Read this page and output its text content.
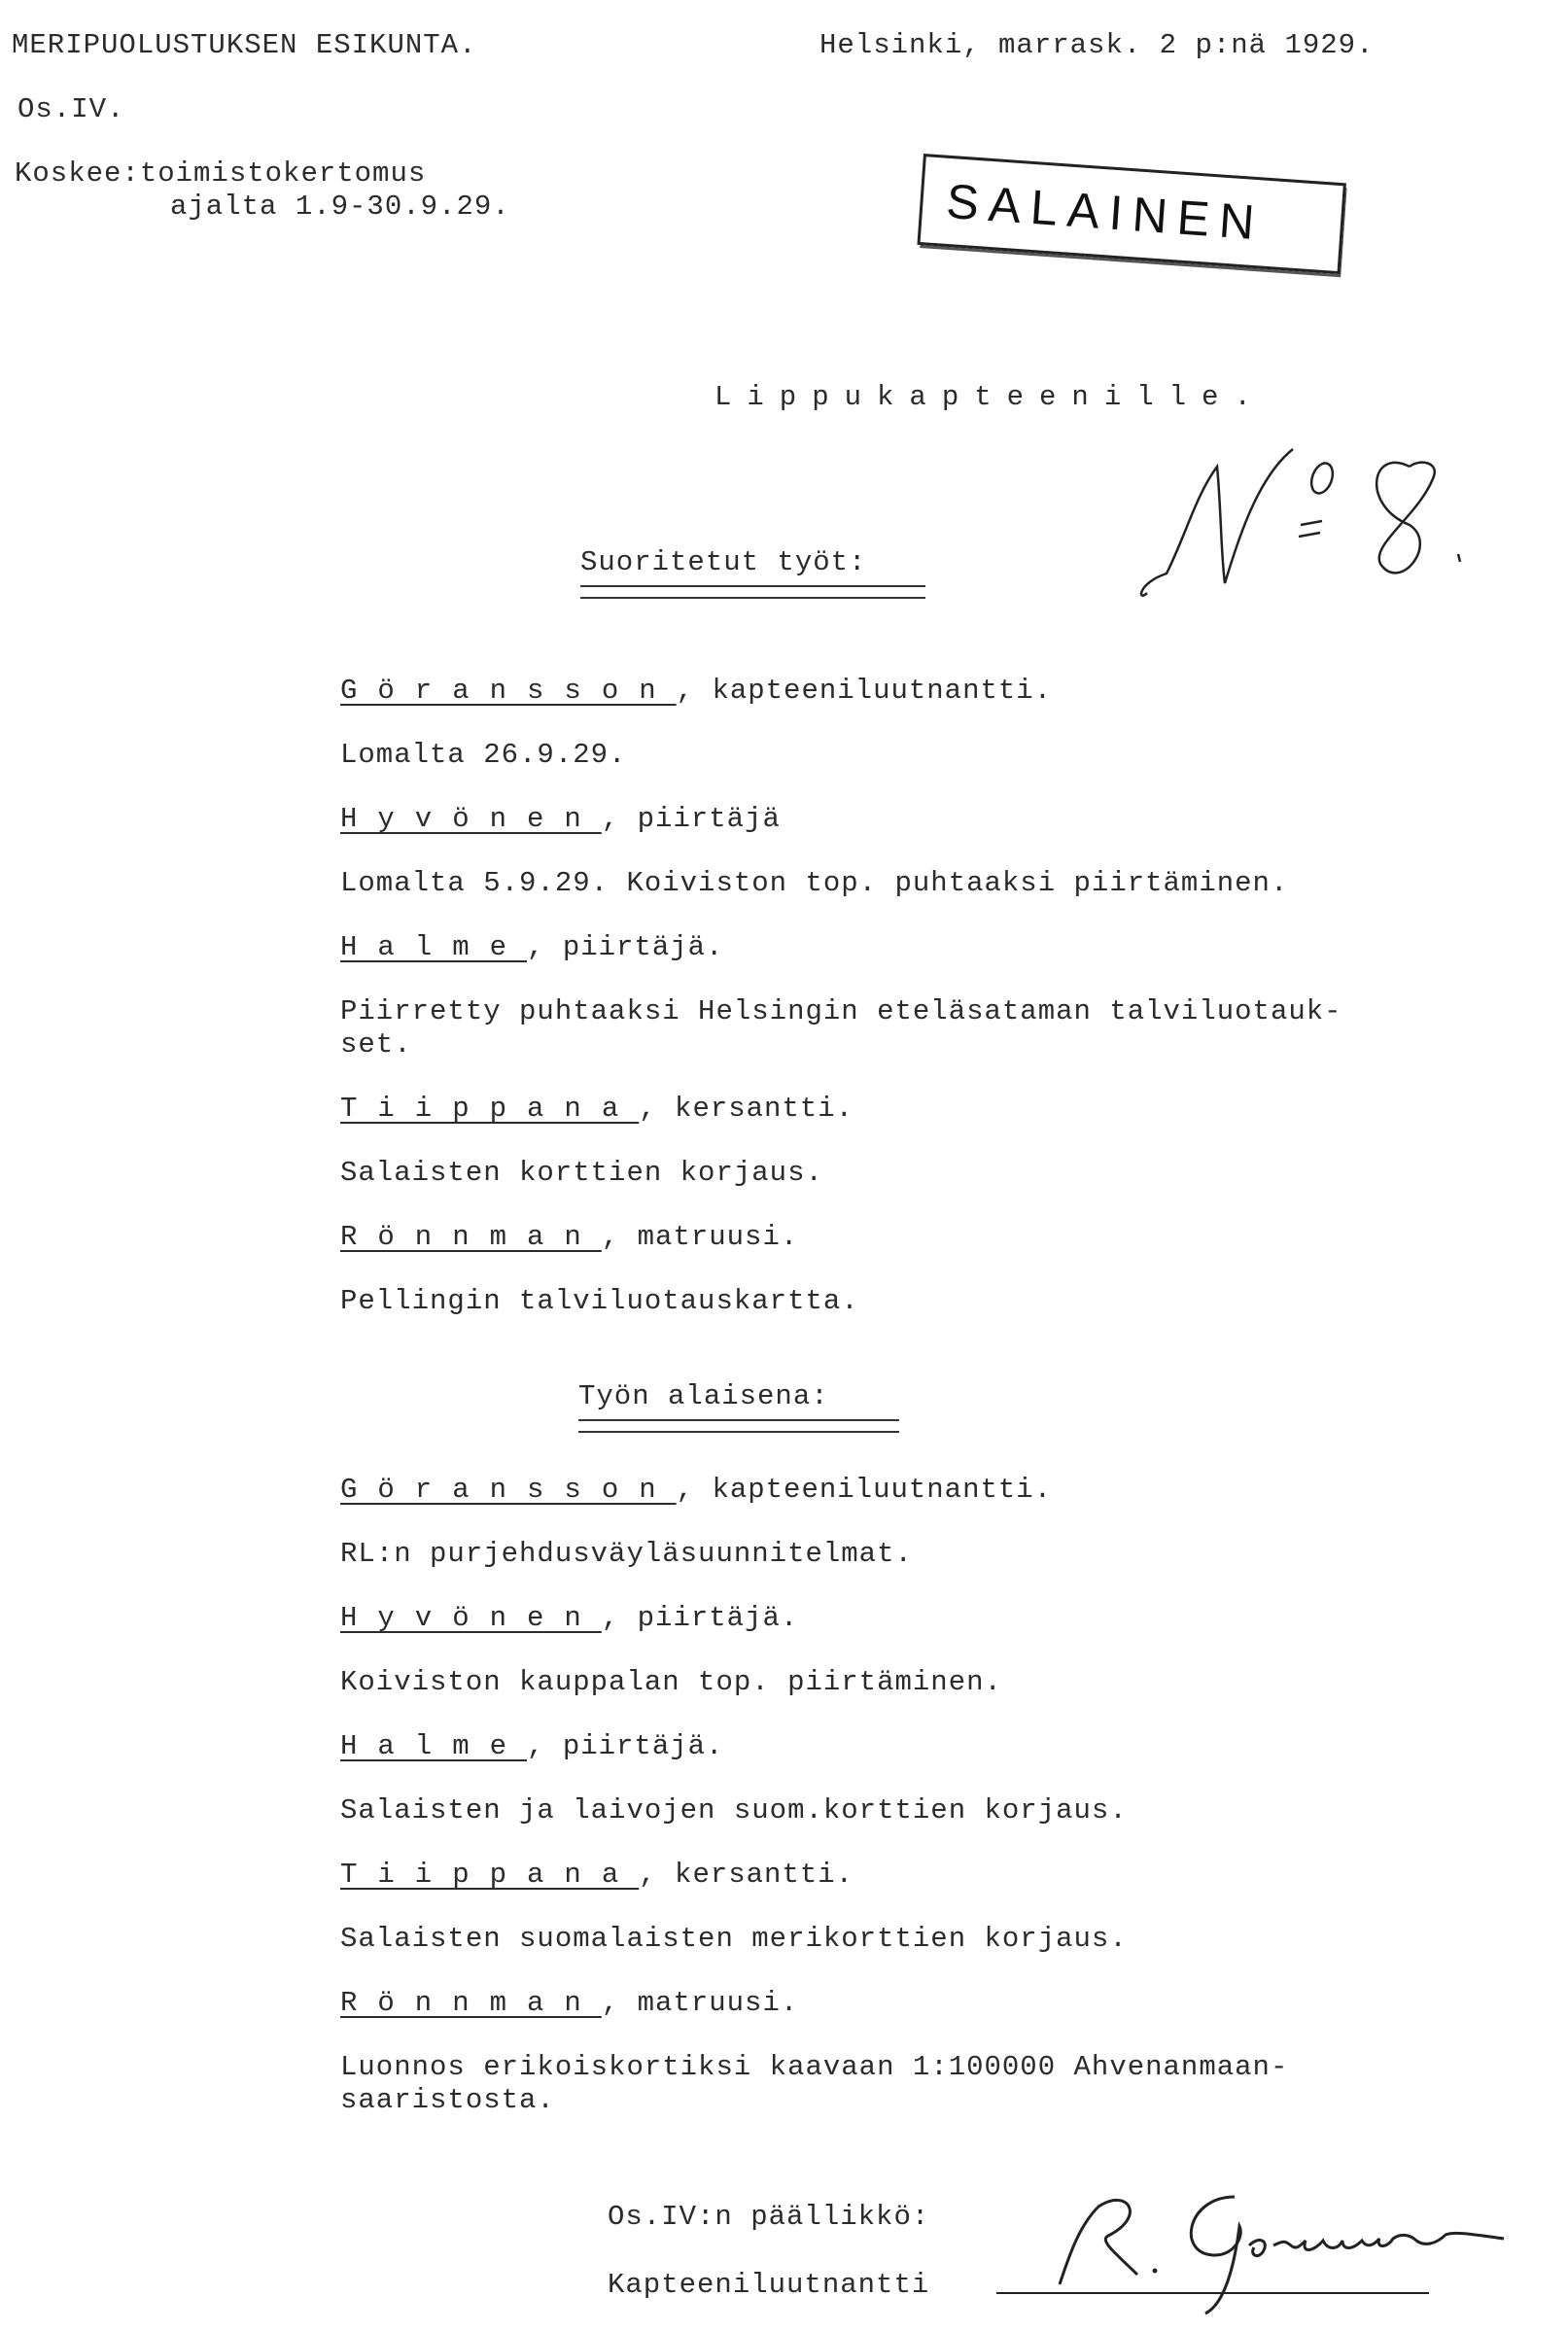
MERIPUOLUSTUKSEN ESIKUNTA.	Helsinki, marrask. 2 p:nä 1929.
Os.IV.
Koskee:toimistokertomus
ajalta 1.9-30.9.29.	SALAINEN
Lippukapteenille.
Suoritetut työt:
Göransson, kapteeniluutnantti.
Lomalta 26.9.29.
Hyvönen, piirtäjä
Lomalta 5.9.29. Koiviston top. puhtaaksi piirtäminen.
Halme, piirtäjä.
Piirretty puhtaaksi Helsingin eteläsataman talviluotauk-
set.
Tiippana, kersantti.
Salaisten korttien korjaus.
Rönnman, matruusi.
Pellingin talviluotauskartta.
Työn alaisena:
Göransson, kapteeniluutnantti.
RL:n purjehdusväyläsuunnitelmat.
Hyvönen, piirtäjä.
Koiviston kauppalan top. piirtäminen.
Halme, piirtäjä.
Salaisten ja laivojen suom.korttien korjaus.
Tiippana, kersantti.
Salaisten suomalaisten merikorttien korjaus.
Rönnman, matruusi.
Luonnos erikoiskortiksi kaavaan 1:100000 Ahvenanmaan-
saaristosta.
Os.IV:n päällikkö:
Kapteeniluutnantti
